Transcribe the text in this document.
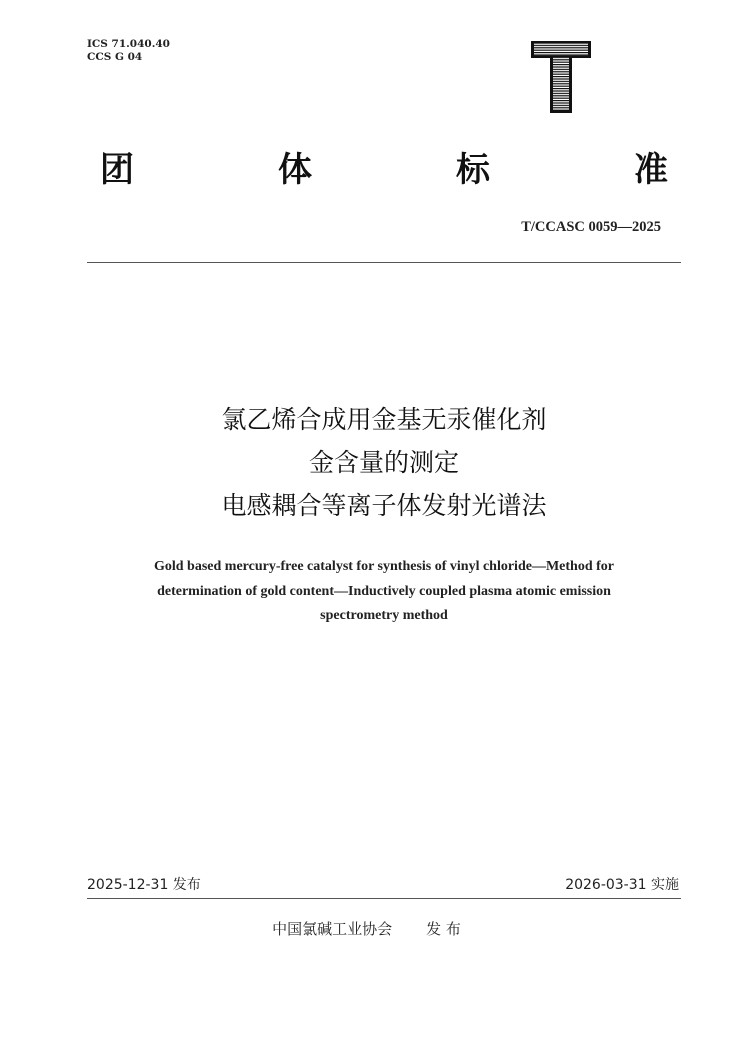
ICS 71.040.40
CCS G 04
团	体	标	准
T/CCASC 0059—2025
氯乙烯合成用金基无汞催化剂
金含量的测定
电感耦合等离子体发射光谱法
Gold based mercury-free catalyst for synthesis of vinyl chloride—Method for
determination of gold content—Inductively coupled plasma atomic emission
spectrometry method
2025-12-31 发布	2026-03-31 实施
中国氯碱工业协会 发 布
